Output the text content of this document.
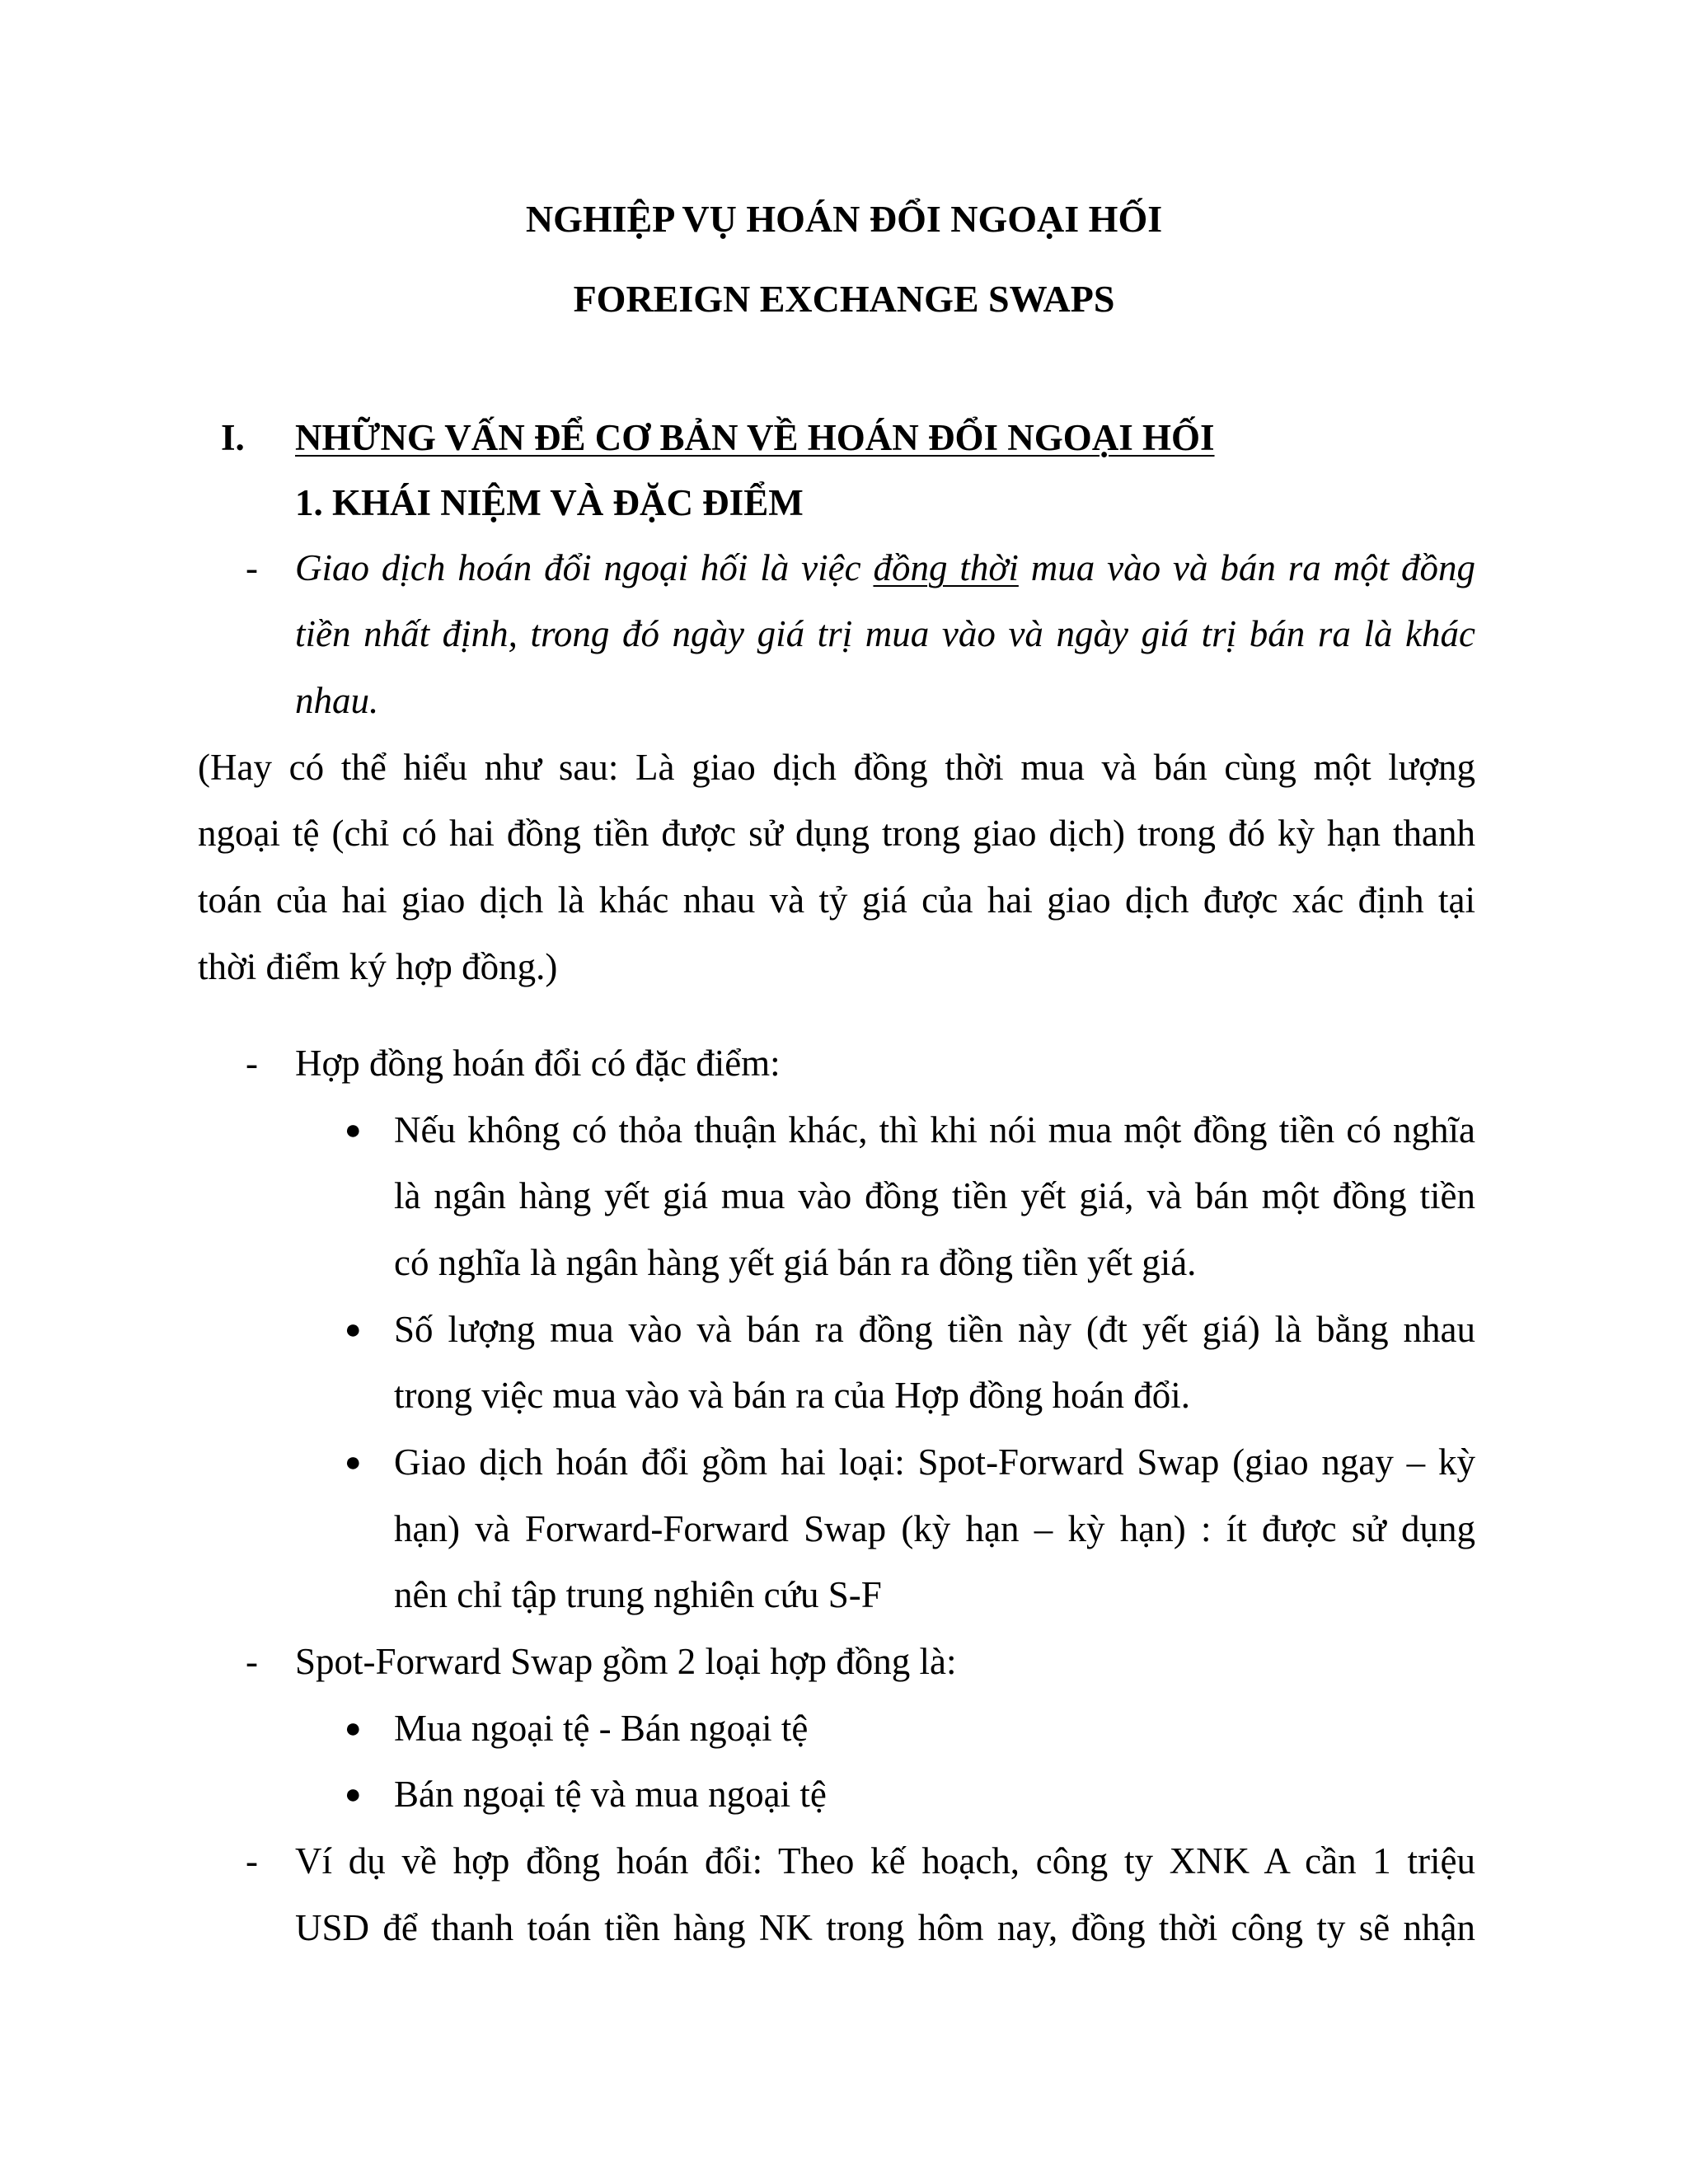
NGHIỆP VỤ HOÁN ĐỔI NGOẠI HỐI
FOREIGN EXCHANGE SWAPS
I. NHỮNG VẤN ĐỂ CƠ BẢN VỀ HOÁN ĐỔI NGOẠI HỐI
1. KHÁI NIỆM VÀ ĐẶC ĐIỂM
- Giao dịch hoán đổi ngoại hối là việc đồng thời mua vào và bán ra một đồng
tiền nhất định, trong đó ngày giá trị mua vào và ngày giá trị bán ra là khác
nhau.
(Hay có thể hiểu như sau: Là giao dịch đồng thời mua và bán cùng một lượng
ngoại tệ (chỉ có hai đồng tiền được sử dụng trong giao dịch) trong đó kỳ hạn thanh
toán của hai giao dịch là khác nhau và tỷ giá của hai giao dịch được xác định tại
thời điểm ký hợp đồng.)
- Hợp đồng hoán đổi có đặc điểm:
● Nếu không có thỏa thuận khác, thì khi nói mua một đồng tiền có nghĩa
là ngân hàng yết giá mua vào đồng tiền yết giá, và bán một đồng tiền
có nghĩa là ngân hàng yết giá bán ra đồng tiền yết giá.
● Số lượng mua vào và bán ra đồng tiền này (đt yết giá) là bằng nhau
trong việc mua vào và bán ra của Hợp đồng hoán đổi.
● Giao dịch hoán đổi gồm hai loại: Spot-Forward Swap (giao ngay – kỳ
hạn) và Forward-Forward Swap (kỳ hạn – kỳ hạn) : ít được sử dụng
nên chỉ tập trung nghiên cứu S-F
- Spot-Forward Swap gồm 2 loại hợp đồng là:
● Mua ngoại tệ - Bán ngoại tệ
● Bán ngoại tệ và mua ngoại tệ
- Ví dụ về hợp đồng hoán đổi: Theo kế hoạch, công ty XNK A cần 1 triệu
USD để thanh toán tiền hàng NK trong hôm nay, đồng thời công ty sẽ nhận
